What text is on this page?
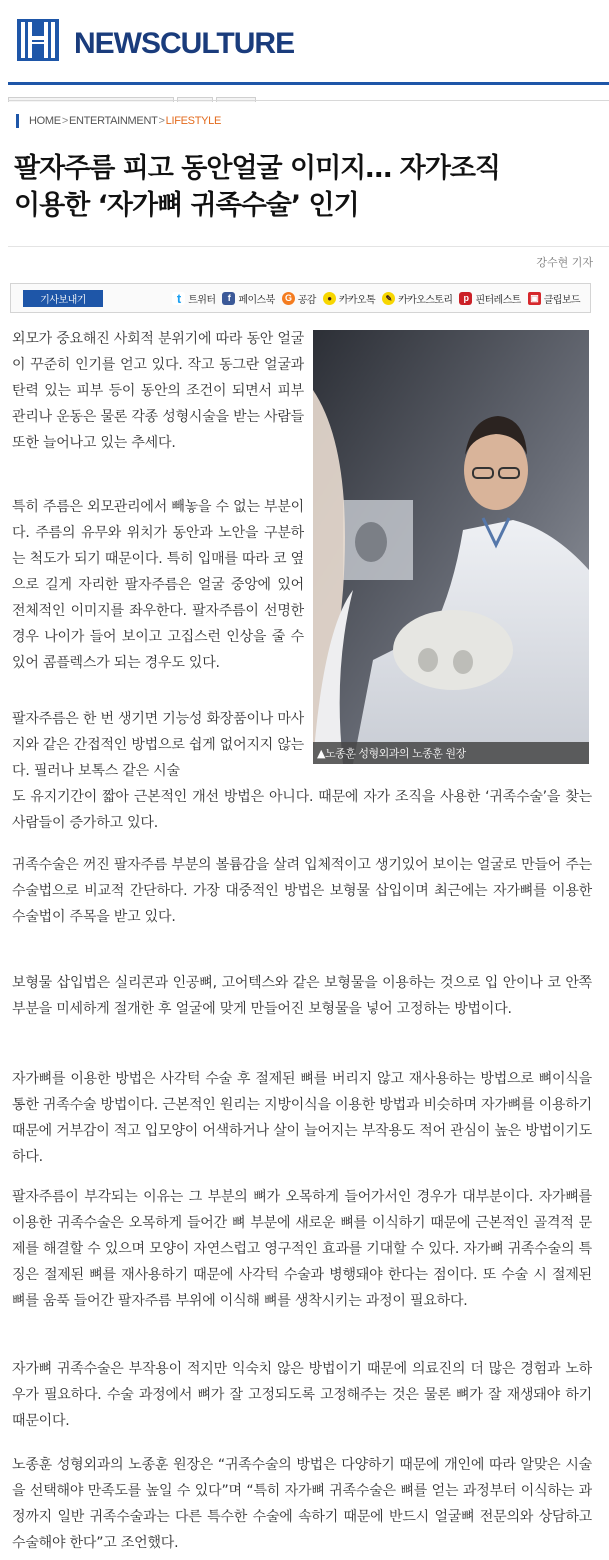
NEWSCULTURE
HOME > ENTERTAINMENT > LIFESTYLE
팔자주름 피고 동안얼굴 이미지… 자가조직
이용한 ‘자가뼈 귀족수술’ 인기
강수현 기자
기사보내기	t 트위터	f 페이스북	G 공감	● 카카오톡	✎ 카카오스토리	p 핀터레스트 ▣ 클립보드
▲노종훈 성형외과의 노종훈 원장

외모가 중요해진 사회적 분위기에 따라 동안 얼굴이 꾸준히 인기를 얻고 있다. 작고 동그란 얼굴과 탄력 있는 피부 등이 동안의 조건이 되면서 피부관리나 운동은 물론 각종 성형시술을 받는 사람들 또한 늘어나고 있는 추세다.

특히 주름은 외모관리에서 빼놓을 수 없는 부분이다. 주름의 유무와 위치가 동안과 노안을 구분하는 척도가 되기 때문이다. 특히 입매를 따라 코 옆으로 길게 자리한 팔자주름은 얼굴 중앙에 있어 전체적인 이미지를 좌우한다. 팔자주름이 선명한 경우 나이가 들어 보이고 고집스런 인상을 줄 수 있어 콤플렉스가 되는 경우도 있다.

팔자주름은 한 번 생기면 기능성 화장품이나 마사지와 같은 간접적인 방법으로 쉽게 없어지지 않는다. 필러나 보톡스 같은 시술

도 유지기간이 짧아 근본적인 개선 방법은 아니다. 때문에 자가 조직을 사용한 ‘귀족수술’을 찾는 사람들이 증가하고 있다.

귀족수술은 꺼진 팔자주름 부분의 볼륨감을 살려 입체적이고 생기있어 보이는 얼굴로 만들어 주는 수술법으로 비교적 간단하다. 가장 대중적인 방법은 보형물 삽입이며 최근에는 자가뼈를 이용한 수술법이 주목을 받고 있다.

보형물 삽입법은 실리콘과 인공뼈, 고어텍스와 같은 보형물을 이용하는 것으로 입 안이나 코 안쪽 부분을 미세하게 절개한 후 얼굴에 맞게 만들어진 보형물을 넣어 고정하는 방법이다.

자가뼈를 이용한 방법은 사각턱 수술 후 절제된 뼈를 버리지 않고 재사용하는 방법으로 뼈이식을 통한 귀족수술 방법이다. 근본적인 원리는 지방이식을 이용한 방법과 비슷하며 자가뼈를 이용하기 때문에 거부감이 적고 입모양이 어색하거나 살이 늘어지는 부작용도 적어 관심이 높은 방법이기도 하다.

팔자주름이 부각되는 이유는 그 부분의 뼈가 오목하게 들어가서인 경우가 대부분이다. 자가뼈를 이용한 귀족수술은 오목하게 들어간 뼈 부분에 새로운 뼈를 이식하기 때문에 근본적인 골격적 문제를 해결할 수 있으며 모양이 자연스럽고 영구적인 효과를 기대할 수 있다. 자가뼈 귀족수술의 특징은 절제된 뼈를 재사용하기 때문에 사각턱 수술과 병행돼야 한다는 점이다. 또 수술 시 절제된 뼈를 움푹 들어간 팔자주름 부위에 이식해 뼈를 생착시키는 과정이 필요하다.

자가뼈 귀족수술은 부작용이 적지만 익숙치 않은 방법이기 때문에 의료진의 더 많은 경험과 노하우가 필요하다. 수술 과정에서 뼈가 잘 고정되도록 고정해주는 것은 물론 뼈가 잘 재생돼야 하기 때문이다.

노종훈 성형외과의 노종훈 원장은 “귀족수술의 방법은 다양하기 때문에 개인에 따라 알맞은 시술을 선택해야 만족도를 높일 수 있다”며 “특히 자가뼈 귀족수술은 뼈를 얻는 과정부터 이식하는 과정까지 일반 귀족수술과는 다른 특수한 수술에 속하기 때문에 반드시 얼굴뼈 전문의와 상담하고 수술해야 한다”고 조언했다.
